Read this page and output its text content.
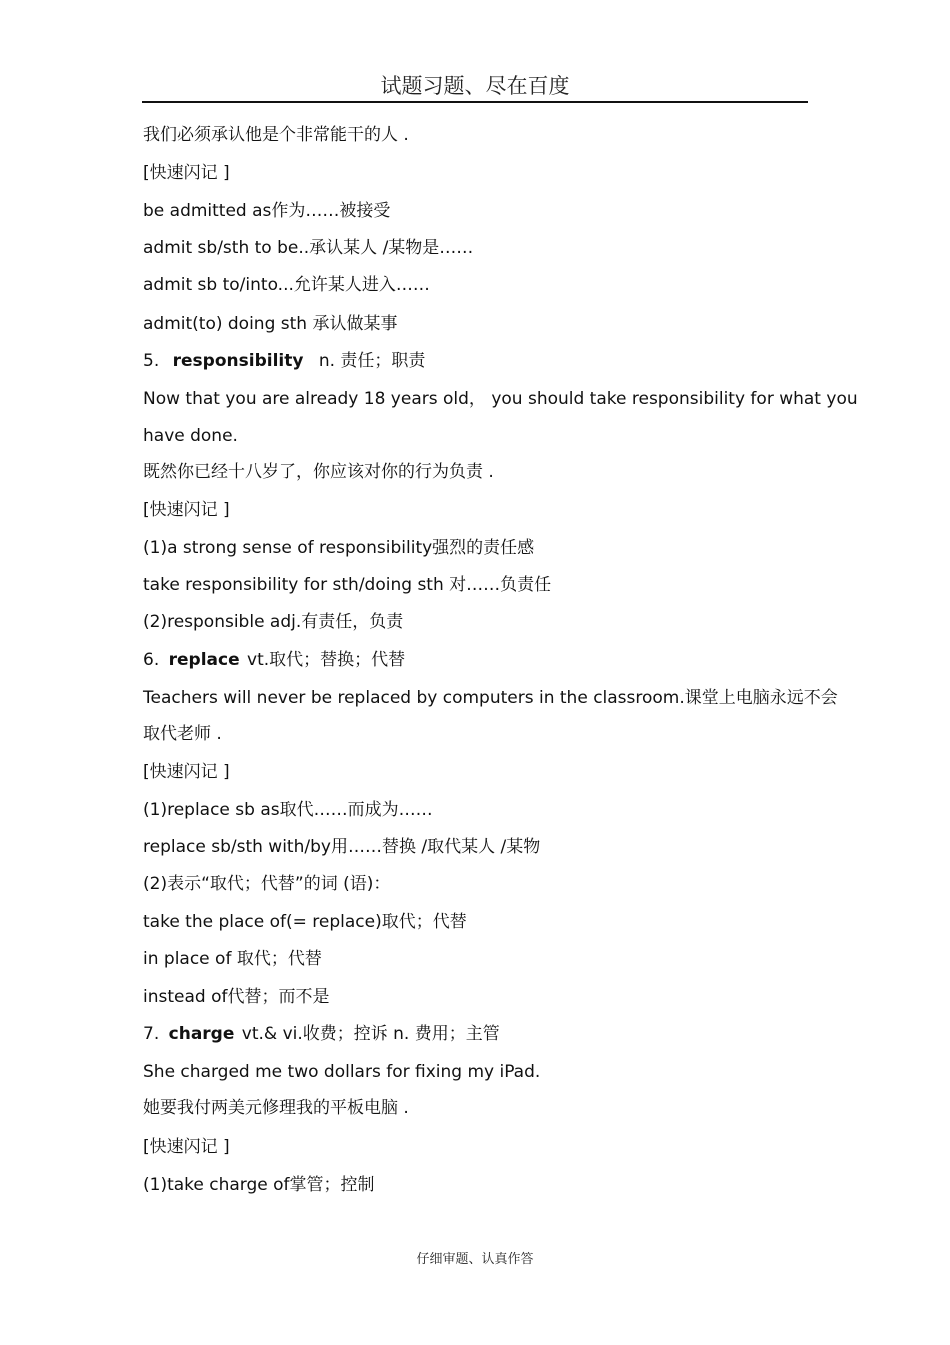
试题习题、尽在百度
我们必须承认他是个非常能干的人 .
[快速闪记 ]
be admitted as作为……被接受
admit sb/sth to be..承认某人 /某物是……
admit sb to/into...允许某人进入……
admit(to) doing sth 承认做某事
5. responsibility n. 责任；职责
Now that you are already 18 years old， you should take responsibility for what you
have done.
既然你已经十八岁了，你应该对你的行为负责 .
[快速闪记 ]
(1)a strong sense of responsibility强烈的责任感
take responsibility for sth/doing sth 对……负责任
(2)responsible adj.有责任，负责
6. replace vt.取代；替换；代替
Teachers will never be replaced by computers in the classroom.课堂上电脑永远不会
取代老师 .
[快速闪记 ]
(1)replace sb as取代……而成为……
replace sb/sth with/by用……替换 /取代某人 /某物
(2)表示“取代；代替”的词 (语)：
take the place of(= replace)取代；代替
in place of 取代；代替
instead of代替；而不是
7. charge vt.& vi.收费；控诉 n. 费用；主管
She charged me two dollars for fixing my iPad.
她要我付两美元修理我的平板电脑 .
[快速闪记 ]
(1)take charge of掌管；控制
仔细审题、认真作答
